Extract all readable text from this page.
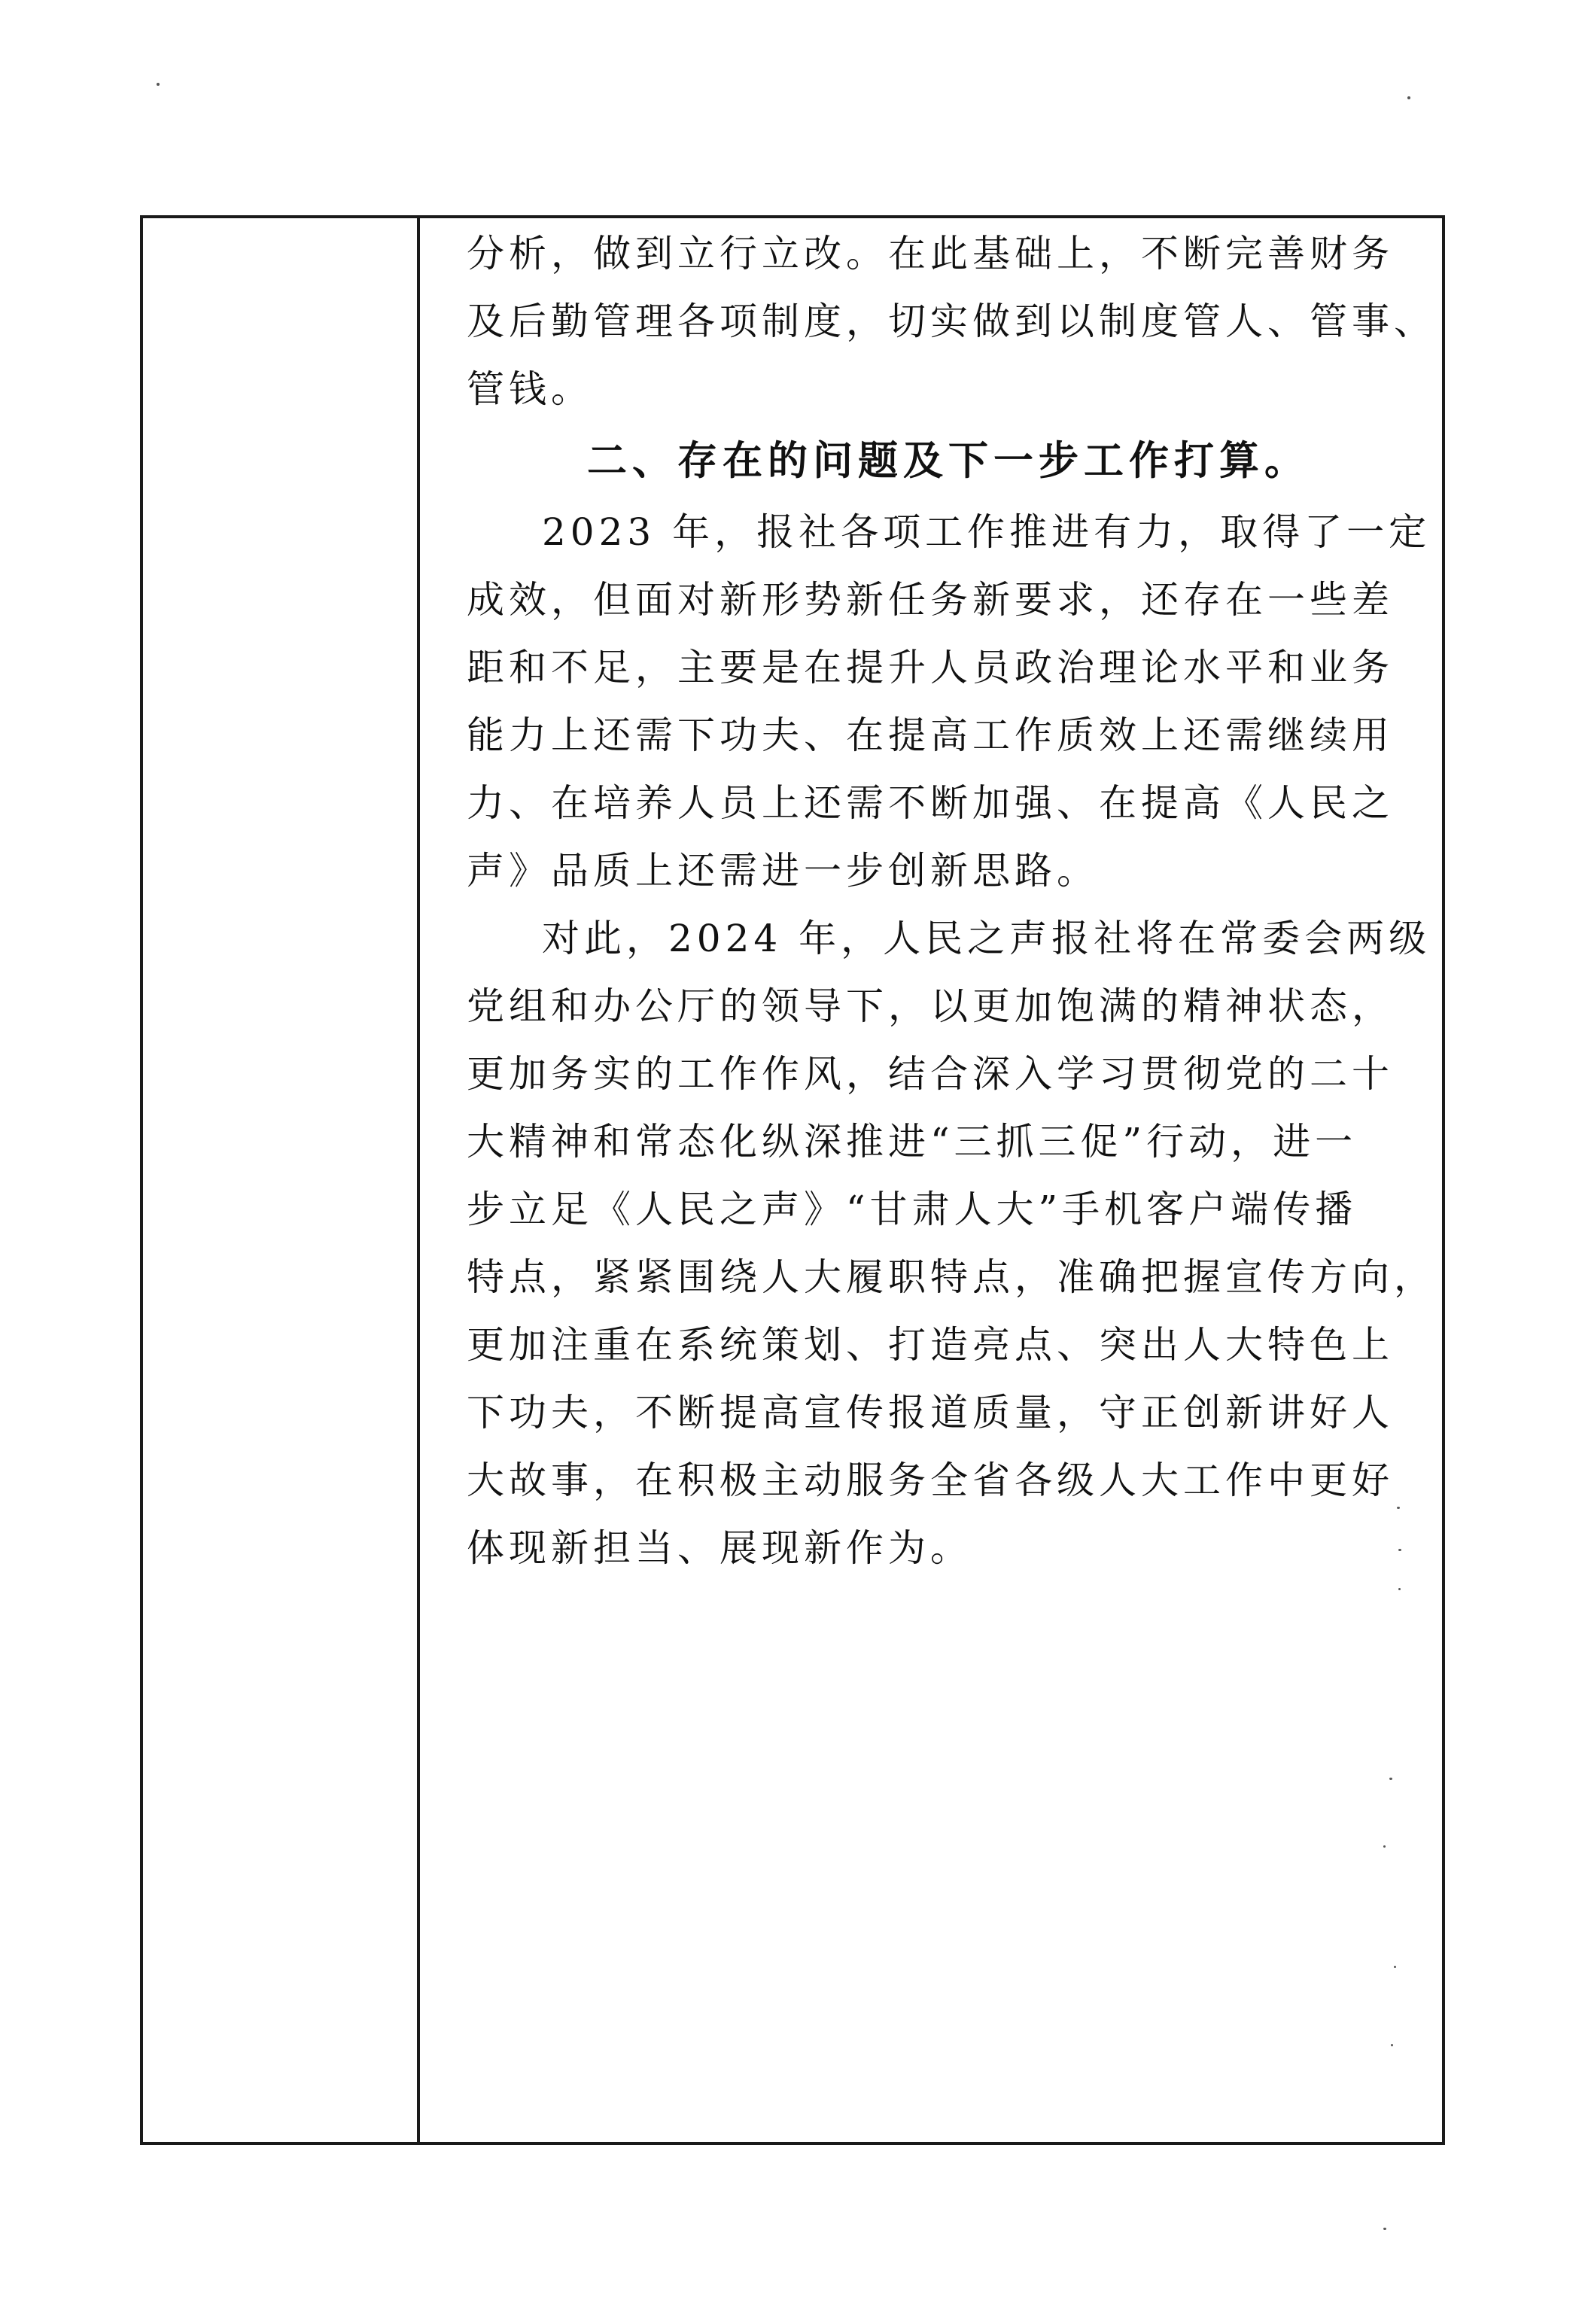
分析，做到立行立改。在此基础上，不断完善财务
及后勤管理各项制度，切实做到以制度管人、管事、
管钱。
二、存在的问题及下一步工作打算。
2023 年，报社各项工作推进有力，取得了一定
成效，但面对新形势新任务新要求，还存在一些差
距和不足，主要是在提升人员政治理论水平和业务
能力上还需下功夫、在提高工作质效上还需继续用
力、在培养人员上还需不断加强、在提高《人民之
声》品质上还需进一步创新思路。
对此，2024 年，人民之声报社将在常委会两级
党组和办公厅的领导下，以更加饱满的精神状态，
更加务实的工作作风，结合深入学习贯彻党的二十
大精神和常态化纵深推进“三抓三促”行动，进一
步立足《人民之声》“甘肃人大”手机客户端传播
特点，紧紧围绕人大履职特点，准确把握宣传方向，
更加注重在系统策划、打造亮点、突出人大特色上
下功夫，不断提高宣传报道质量，守正创新讲好人
大故事，在积极主动服务全省各级人大工作中更好
体现新担当、展现新作为。
